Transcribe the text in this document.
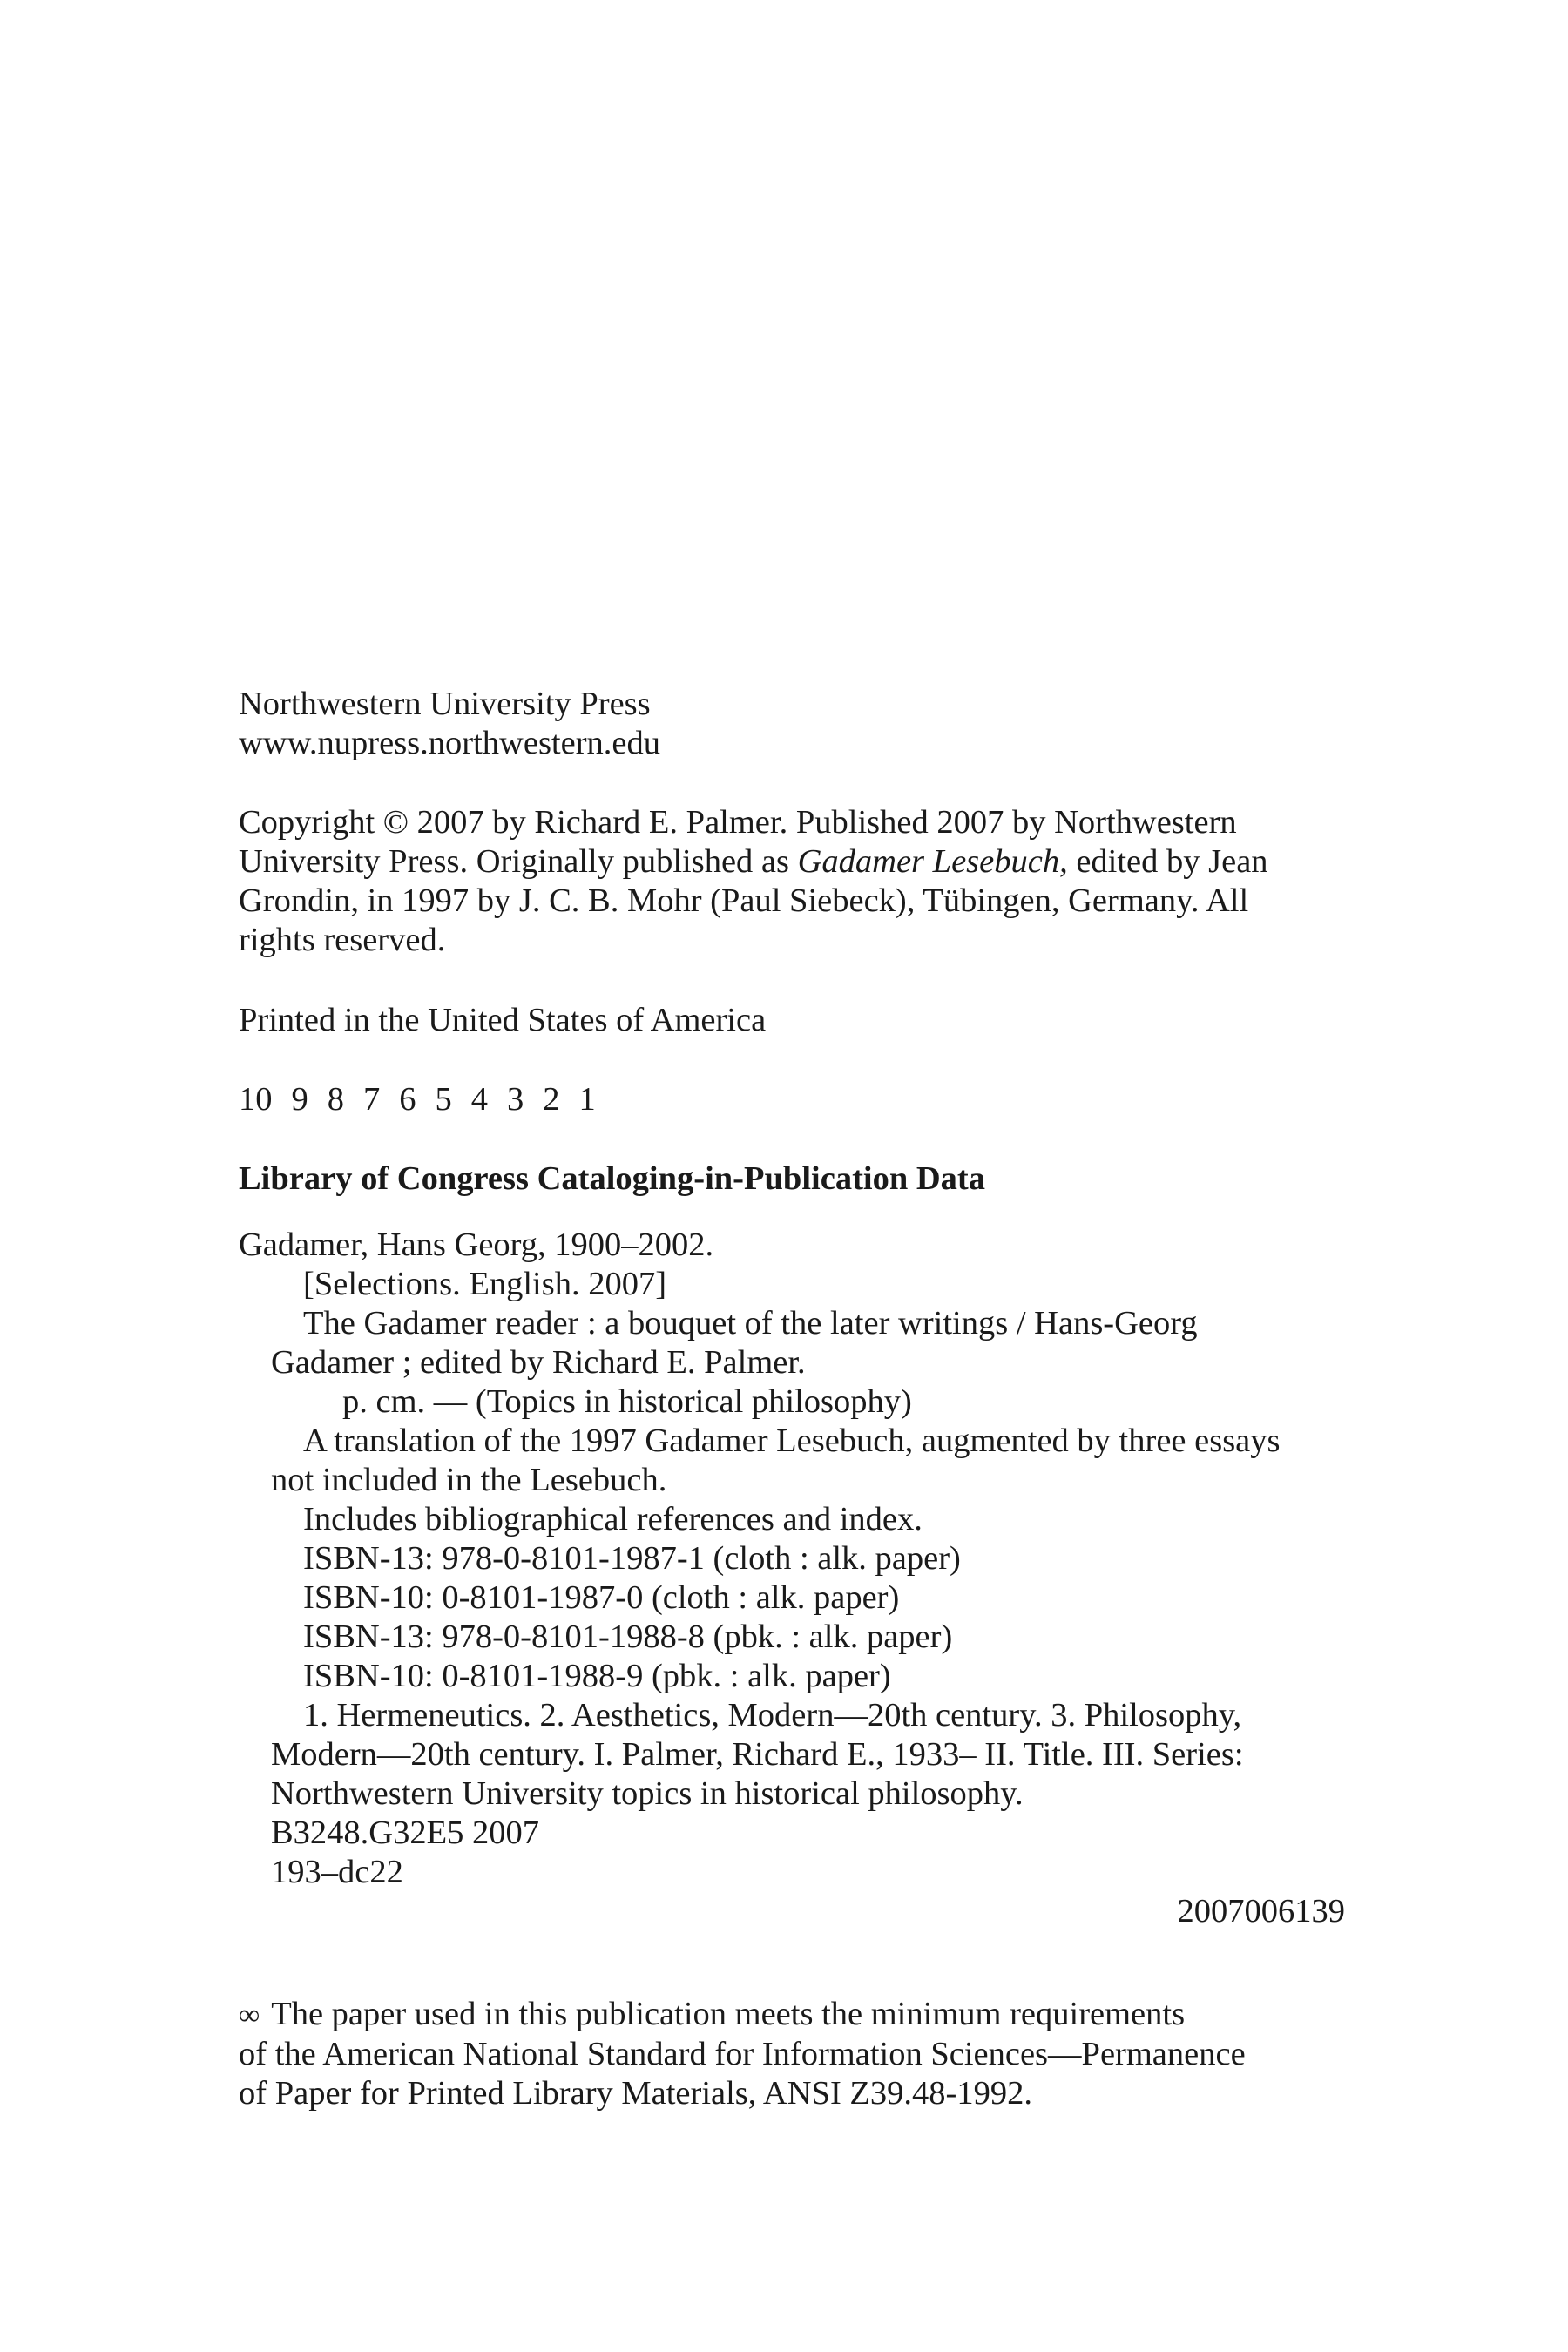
Northwestern University Press
www.nupress.northwestern.edu
Copyright © 2007 by Richard E. Palmer. Published 2007 by Northwestern
University Press. Originally published as Gadamer Lesebuch, edited by Jean
Grondin, in 1997 by J. C. B. Mohr (Paul Siebeck), Tübingen, Germany. All
rights reserved.
Printed in the United States of America
10 9 8 7 6 5 4 3 2 1
Library of Congress Cataloging-in-Publication Data
Gadamer, Hans Georg, 1900–2002.
[Selections. English. 2007]
The Gadamer reader : a bouquet of the later writings / Hans-Georg
Gadamer ; edited by Richard E. Palmer.
p. cm. — (Topics in historical philosophy)
A translation of the 1997 Gadamer Lesebuch, augmented by three essays
not included in the Lesebuch.
Includes bibliographical references and index.
ISBN-13: 978-0-8101-1987-1 (cloth : alk. paper)
ISBN-10: 0-8101-1987-0 (cloth : alk. paper)
ISBN-13: 978-0-8101-1988-8 (pbk. : alk. paper)
ISBN-10: 0-8101-1988-9 (pbk. : alk. paper)
1. Hermeneutics. 2. Aesthetics, Modern—20th century. 3. Philosophy,
Modern—20th century. I. Palmer, Richard E., 1933– II. Title. III. Series:
Northwestern University topics in historical philosophy.
B3248.G32E5 2007
193–dc22
2007006139
∞ The paper used in this publication meets the minimum requirements
of the American National Standard for Information Sciences—Permanence
of Paper for Printed Library Materials, ANSI Z39.48-1992.
